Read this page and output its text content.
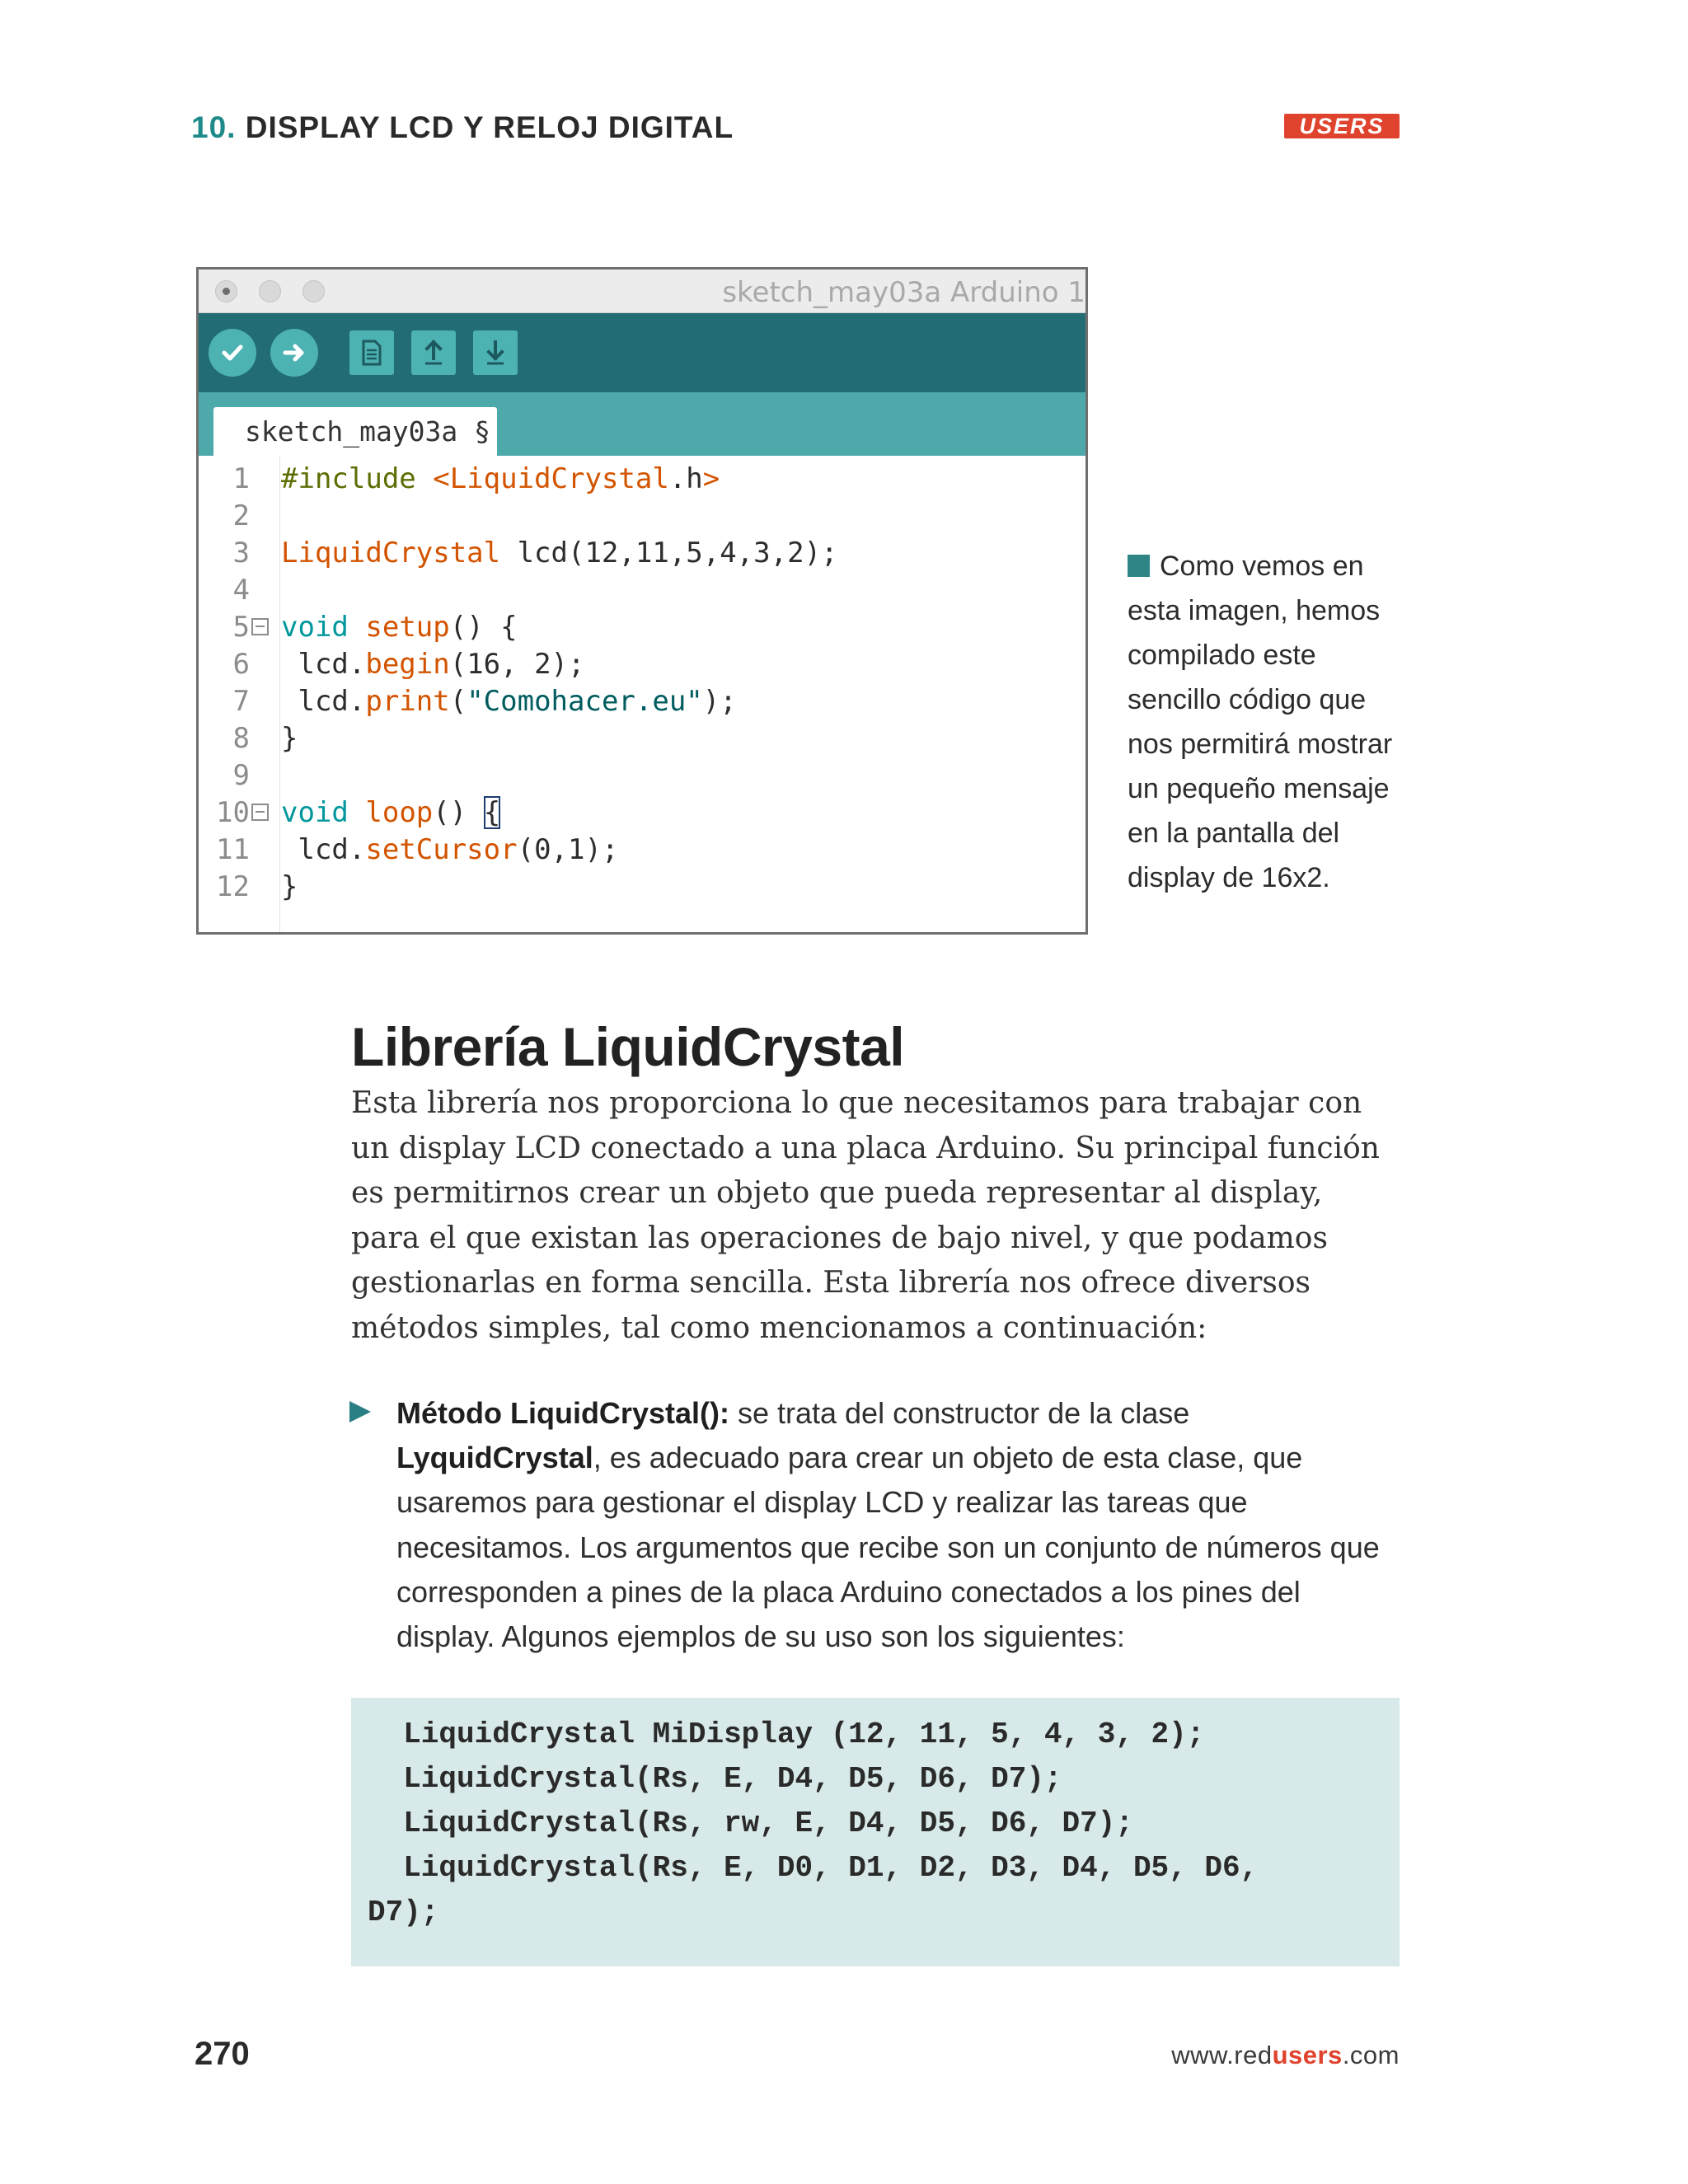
10. DISPLAY LCD Y RELOJ DIGITAL	USERS
sketch_may03a Arduino 1
sketch_may03a §
1 #include <LiquidCrystal.h>
2
3 LiquidCrystal lcd(12,11,5,4,3,2);
4
5 void setup() {
6 lcd.begin(16, 2);
7 lcd.print("Comohacer.eu");
8 }
9
10 void loop() {
11 lcd.setCursor(0,1);
12 }
Como vemos en esta imagen, hemos compilado este sencillo código que nos permitirá mostrar un pequeño mensaje en la pantalla del display de 16x2.
Librería LiquidCrystal
Esta librería nos proporciona lo que necesitamos para trabajar con un display LCD conectado a una placa Arduino. Su principal función es permitirnos crear un objeto que pueda representar al display, para el que existan las operaciones de bajo nivel, y que podamos gestionarlas en forma sencilla. Esta librería nos ofrece diversos métodos simples, tal como mencionamos a continuación:
Método LiquidCrystal(): se trata del constructor de la clase LyquidCrystal, es adecuado para crear un objeto de esta clase, que usaremos para gestionar el display LCD y realizar las tareas que necesitamos. Los argumentos que recibe son un conjunto de números que corresponden a pines de la placa Arduino conectados a los pines del display. Algunos ejemplos de su uso son los siguientes:
LiquidCrystal MiDisplay (12, 11, 5, 4, 3, 2);
LiquidCrystal(Rs, E, D4, D5, D6, D7);
LiquidCrystal(Rs, rw, E, D4, D5, D6, D7);
LiquidCrystal(Rs, E, D0, D1, D2, D3, D4, D5, D6,
D7);
270	www.redusers.com
